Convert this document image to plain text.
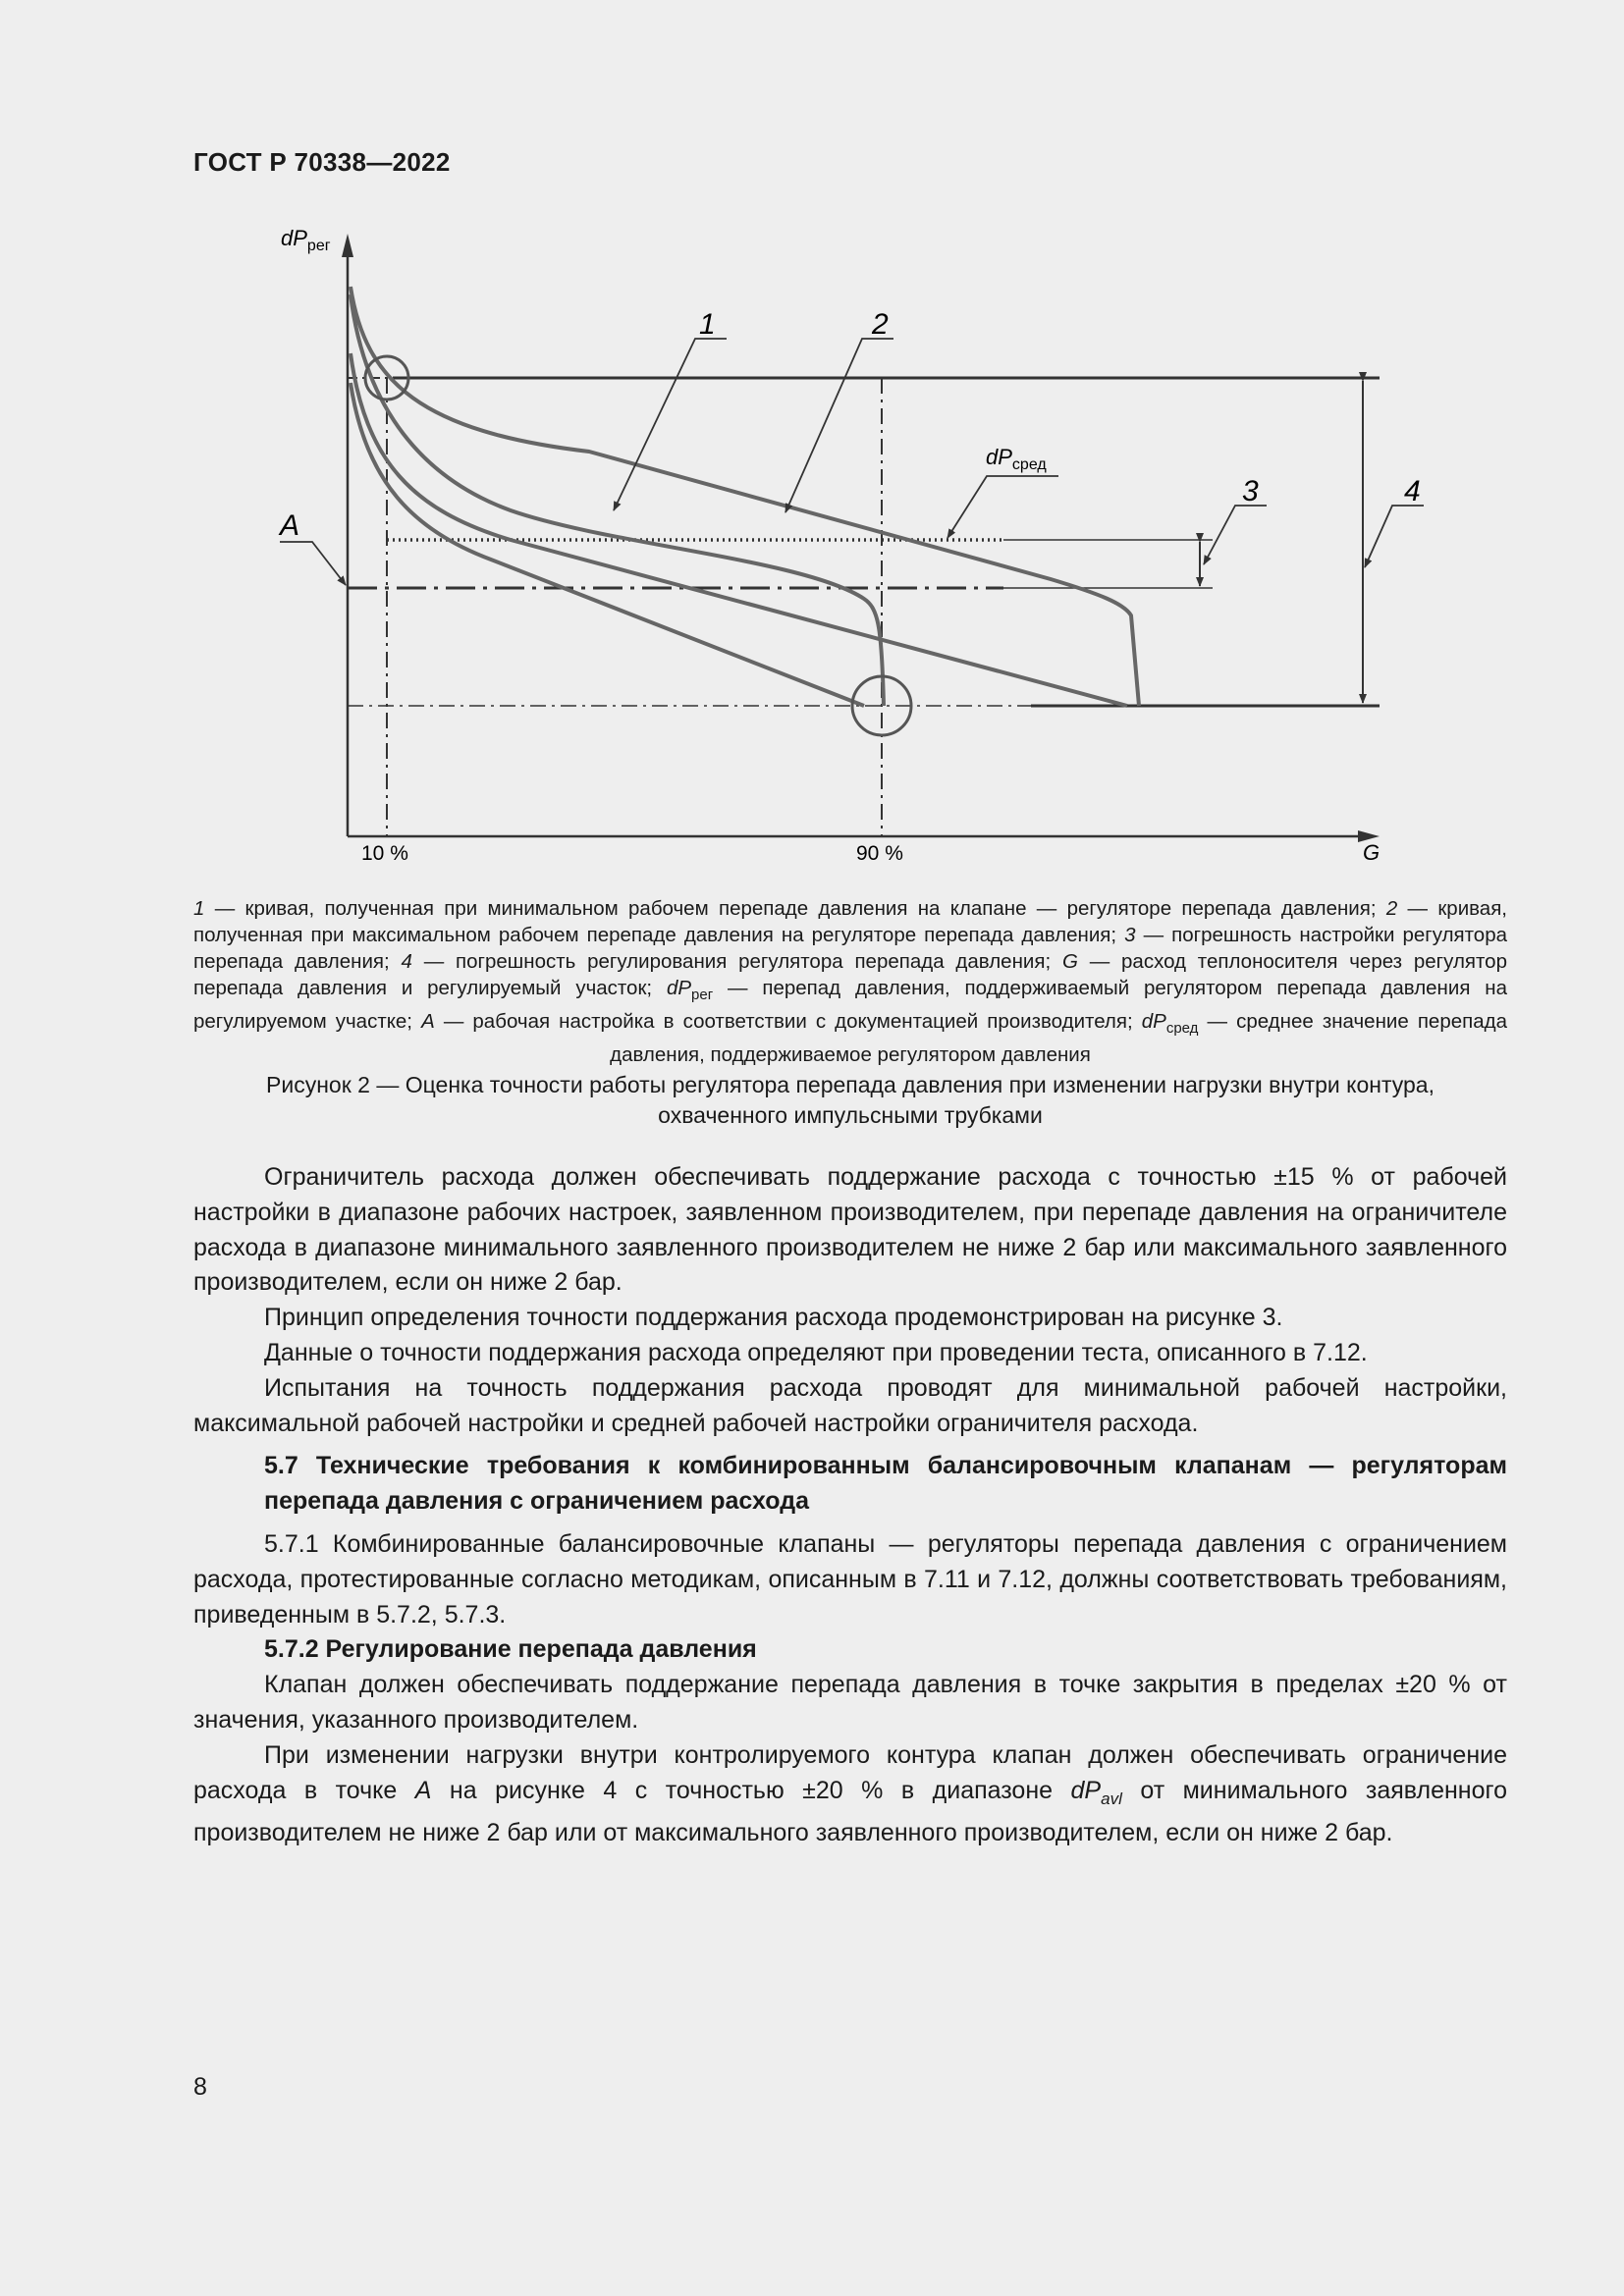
ГОСТ Р 70338—2022
$dP_{рег}$
G
10 %	90 %
A
1	2
3	4
$dP_{сред}$
1 — кривая, полученная при минимальном рабочем перепаде давления на клапане — регуляторе перепада давления; 2 — кривая, полученная при максимальном рабочем перепаде давления на регуляторе перепада давления; 3 — погрешность настройки регулятора перепада давления; 4 — погрешность регулирования регулятора перепада давления; G — расход теплоносителя через регулятор перепада давления и регулируемый участок; $dP_{рег}$ — перепад давления, поддерживаемый регулятором перепада давления на регулируемом участке; A — рабочая настройка в соответствии с документацией производителя; $dP_{сред}$ — среднее значение перепада давления, поддерживаемое регулятором давления
Рисунок 2 — Оценка точности работы регулятора перепада давления при изменении нагрузки внутри контура,
охваченного импульсными трубками

Ограничитель расхода должен обеспечивать поддержание расхода с точностью ±15 % от рабочей настройки в диапазоне рабочих настроек, заявленном производителем, при перепаде давления на ограничителе расхода в диапазоне минимального заявленного производителем не ниже 2 бар или максимального заявленного производителем, если он ниже 2 бар.

Принцип определения точности поддержания расхода продемонстрирован на рисунке 3.

Данные о точности поддержания расхода определяют при проведении теста, описанного в 7.12.

Испытания на точность поддержания расхода проводят для минимальной рабочей настройки, максимальной рабочей настройки и средней рабочей настройки ограничителя расхода.

5.7 Технические требования к комбинированным балансировочным клапанам — регуляторам перепада давления с ограничением расхода

5.7.1 Комбинированные балансировочные клапаны — регуляторы перепада давления с ограничением расхода, протестированные согласно методикам, описанным в 7.11 и 7.12, должны соответствовать требованиям, приведенным в 5.7.2, 5.7.3.

5.7.2 Регулирование перепада давления

Клапан должен обеспечивать поддержание перепада давления в точке закрытия в пределах ±20 % от значения, указанного производителем.

При изменении нагрузки внутри контролируемого контура клапан должен обеспечивать ограничение расхода в точке A на рисунке 4 с точностью ±20 % в диапазоне $dP_{avl}$ от минимального заявленного производителем не ниже 2 бар или от максимального заявленного производителем, если он ниже 2 бар.

8
